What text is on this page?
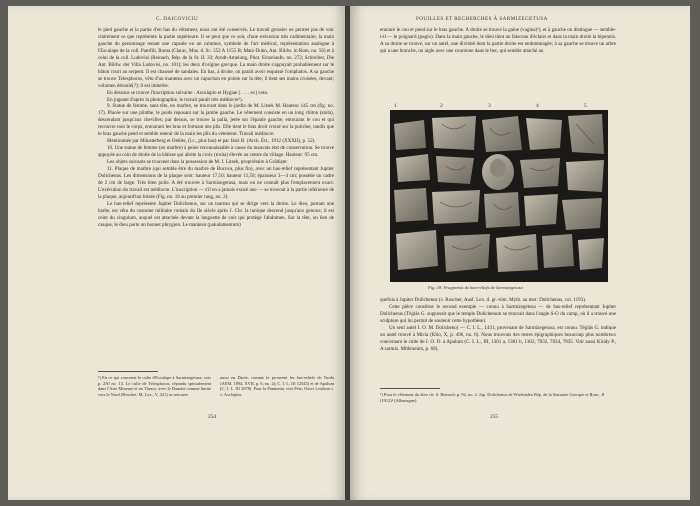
C. DAICOVICIU

le pied gauche et la partie d'en bas du vêtement, nous ont été conservés. Le travail grossier ne permet pas de voir clairement ce que représente la partie supérieure. Il se peut que ce soit, d'une exécution très rudimentaire, la main gauche du personnage tenant une capsule ou un calumus, symbole de l'art médical, représentation analogue à l'Esculape de la coll. Pamfili, Roma (Clarac, Mus. d. Sc. 552 A 1155 B; Matz-Duhn, Ant. Bildw. in Rom, no. 56) et à celui de la coll. Ludovisi (Reinach, Rép. de la St. II. 33; Arndt-Amelung, Phot. Einzelaufn. no. 272; Schreiber, Die Ant. Bildw. der Villa Ludovisi, no. 101); les deux d'origine grecque. La main droite s'appuyait probablement sur le bâton court au serpent. Il est chaussé de sandales. En bas, à droite, on paraît avoir esquissé l'omphalos. A sa gauche se trouve Telesphoros, vêtu d'un manteau avec un capuchon en pointe sur la tête; il tient ses mains croisées, devant; volumen déroulé(?); il est imberbe.

En dessous se trouve l'inscription suivante : Asculapio et Hygiae [. . . . ex] voto.

En jugeant d'après la photographie, le travail paraît très médiocre¹).

9. Statue de femme, sans tête, en marbre, se trouvant dans le jardin de M. Litsek M. Hauteur 145 cm (fig. no. 17). Placée sur une plinthe, le poids reposant sur la jambe gauche. Le vêtement consiste en un long chiton (stola), descendant jusqu'aux chevilles; par dessus, se trouve la palla, jetée sur l'épaule gauche, entourant le cou et qui recouvre tout le corps, entourant les bras et formant des plis. Elle tient le bras droit croisé sur la poitrine, tandis que le bras gauche pend et semble retenir de la main les plis du vêtement. Travail médiocre.

Mentionnée par Münsterberg et Oehler, (l.c., plus bas) et par Jánó B. (Arch. Ért., 1912 (XXXII), p. 52).

10. Une statue de femme (en marbre) à peine reconnaissable à cause du mauvais état de conservation. Se trouve appuyée au coin de droite de la bâtisse qui abrite la croix (troita) élevée au centre du village. Hauteur: 95 cm.

Les objets suivants se trouvent dans la possession de M. I. Litsek, propriétaire à Grădiște:

11. Plaque de marbre (qui semble être du marbre de Bucova, plus fin), avec un bas-relief représentant Jupiter Dolichenus. Les dimensions de la plaque sont: hauteur 17,50; hauteur 11,50; épaisseur 3—4 cm; possède un cadre de 2 cm de large. Très bien polie. A été trouvée à Sarmizegetusa, mais on ne connaît plus l'emplacement exact. L'exécution du travail est médiocre. L'inscription — s'il en a jamais existé une — se trouvait à la partie inférieure de la plaque, aujourd'hui brisée (Fig. no. 18 au premier rang, no. 2).

Le bas-relief représente Jupiter Dolichenus, sur un taureau qui se dirige vers la droite. Le dieu, portant une barbe, est vêtu du costume militaire romain du IIe siècle après J. Chr. la tunique descend jusqu'aux genoux; il est ceint du cingulum, auquel est attachée devant la languette de cuir qui protège l'abdomen. Sur la tête, on lien de casque, le dieu porte un bonnet phrygien. Le manteau (paludamentum)

¹) En ce qui concerne le culte d'Esculape à Sarmizegetusa, voir p. 250 no. 13. Le culte de Telesphoros, répandu spécialement dans l'Asie Mineure et en Thrace, avec le Danube comme limite vers le Nord (Roscher, M. Lex., V, 321) se retrouve

aussi en Dacie, comme le prouvent les bas-reliefs de Turda (AEM. 1894, XVII, p. 6, no. 2); C. I. L. III 12545) et de Apulum (C. I. L. III 1078). Pour la Pannonia, voir Petz, Ossvi Lexikon s. v. Asclepius.

254
FOUILLES ET RECHERCHES À SARMIZEGETUSA

entoure le cou et pend sur le bras gauche. A droite se trouve la gaine (vagina)¹), et à gauche on distingue — semble-t-il — le poignard (pugio). Dans la main gauche, le dieu tient un faisceau d'éclairs et dans la main droite la bipennis. A sa droite se trouve, sur un autel, une divinité dont la partie droite est endommagée; à sa gauche se trouve un arbre qui a une branche, un aigle avec une couronne dans le bec, qui semble attaché au

1	2	3	4	5
Fig. 18. Fragments de bas-reliefs de Sarmizegetusa

quefois à Jupiter Dolichenus (v. Roscher, Ausf. Lex. d. gr.-röm. Myth. au mot: Dolichenus, col. 1193).

Cette pièce constitue le second exemple — connu à Sarmizegetusa — de bas-relief représentant Jupiter Dolichenus (Téglás G. supposait que le temple Dolichenum se trouvait dans l'angle S-O du camp, où il a trouvé une sculpture qui lui permit de soutenir cette hypothèse).

Un seul autel I. O. M. Dolicheno) — C. I. L., 1431, provenant de Sarmizegetusa, est connu. Téglás G. indique un autel trouvé à Micia (Klio, X, p. 496, no. 6). Nous trouvons des restes épigraphiques beaucoup plus nombreux concernant le culte de I. O. D. à Apulum (C. I. L., III, 1301 a, 1301 b, 1302, 7832, 7834, 7835. Voir aussi Kiráły P., A sarmiz. Mithraeum, p. 68).

¹) Pour le vêtement du dieu cfr. S. Reinach: p. 92, no. 2. Jup. Dolichenus de Wiesbaden Rép. de la Statuaire Grecque et Rom., II (1912)² (Allemagne).

255
